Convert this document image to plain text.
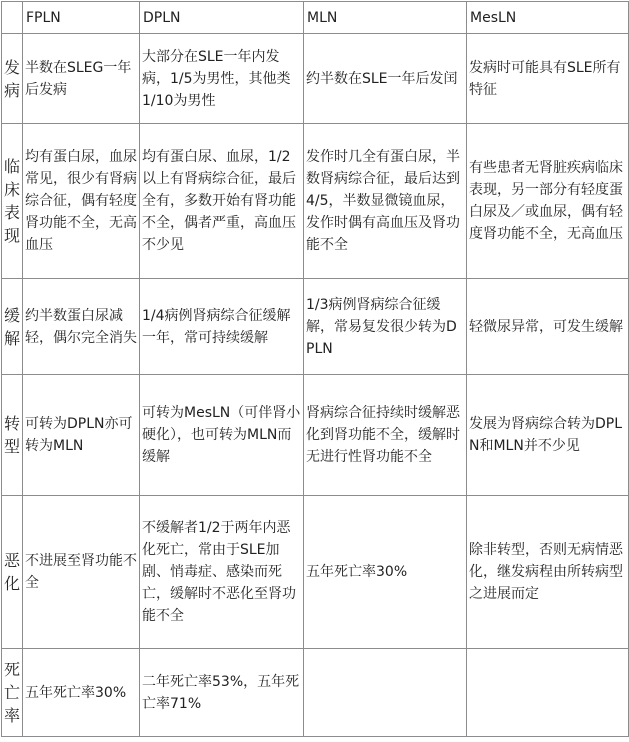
	FPLN	DPLN	MLN	MesLN
发病	半数在SLEG一年后发病	大部分在SLE一年内发病，1/5为男性，其他类1/10为男性	约半数在SLE一年后发闰	发病时可能具有SLE所有特征
临床表现	均有蛋白尿，血尿常见，很少有肾病综合征，偶有轻度肾功能不全，无高血压	均有蛋白尿、血尿，1/2以上有肾病综合征，最后全有，多数开始有肾功能不全，偶者严重，高血压不少见	发作时几全有蛋白尿，半数肾病综合征，最后达到4/5，半数显微镜血尿，发作时偶有高血压及肾功能不全	有些患者无肾脏疾病临床表现，另一部分有轻度蛋白尿及／或血尿，偶有轻度肾功能不全，无高血压
缓解	约半数蛋白尿减轻，偶尔完全消失	1/4病例肾病综合征缓解一年，常可持续缓解	1/3病例肾病综合征缓解，常易复发很少转为DPLN	轻微尿异常，可发生缓解
转型	可转为DPLN亦可转为MLN	可转为MesLN（可伴肾小硬化），也可转为MLN而缓解	肾病综合征持续时缓解恶化到肾功能不全，缓解时无进行性肾功能不全	发展为肾病综合转为DPLN和MLN并不少见
恶化	不进展至肾功能不全	不缓解者1/2于两年内恶化死亡，常由于SLE加剧、悄毒症、感染而死亡，缓解时不恶化至肾功能不全	五年死亡率30%	除非转型，否则无病情恶化，继发病程由所转病型之进展而定
死亡率	五年死亡率30%	二年死亡率53%，五年死亡率71%		
